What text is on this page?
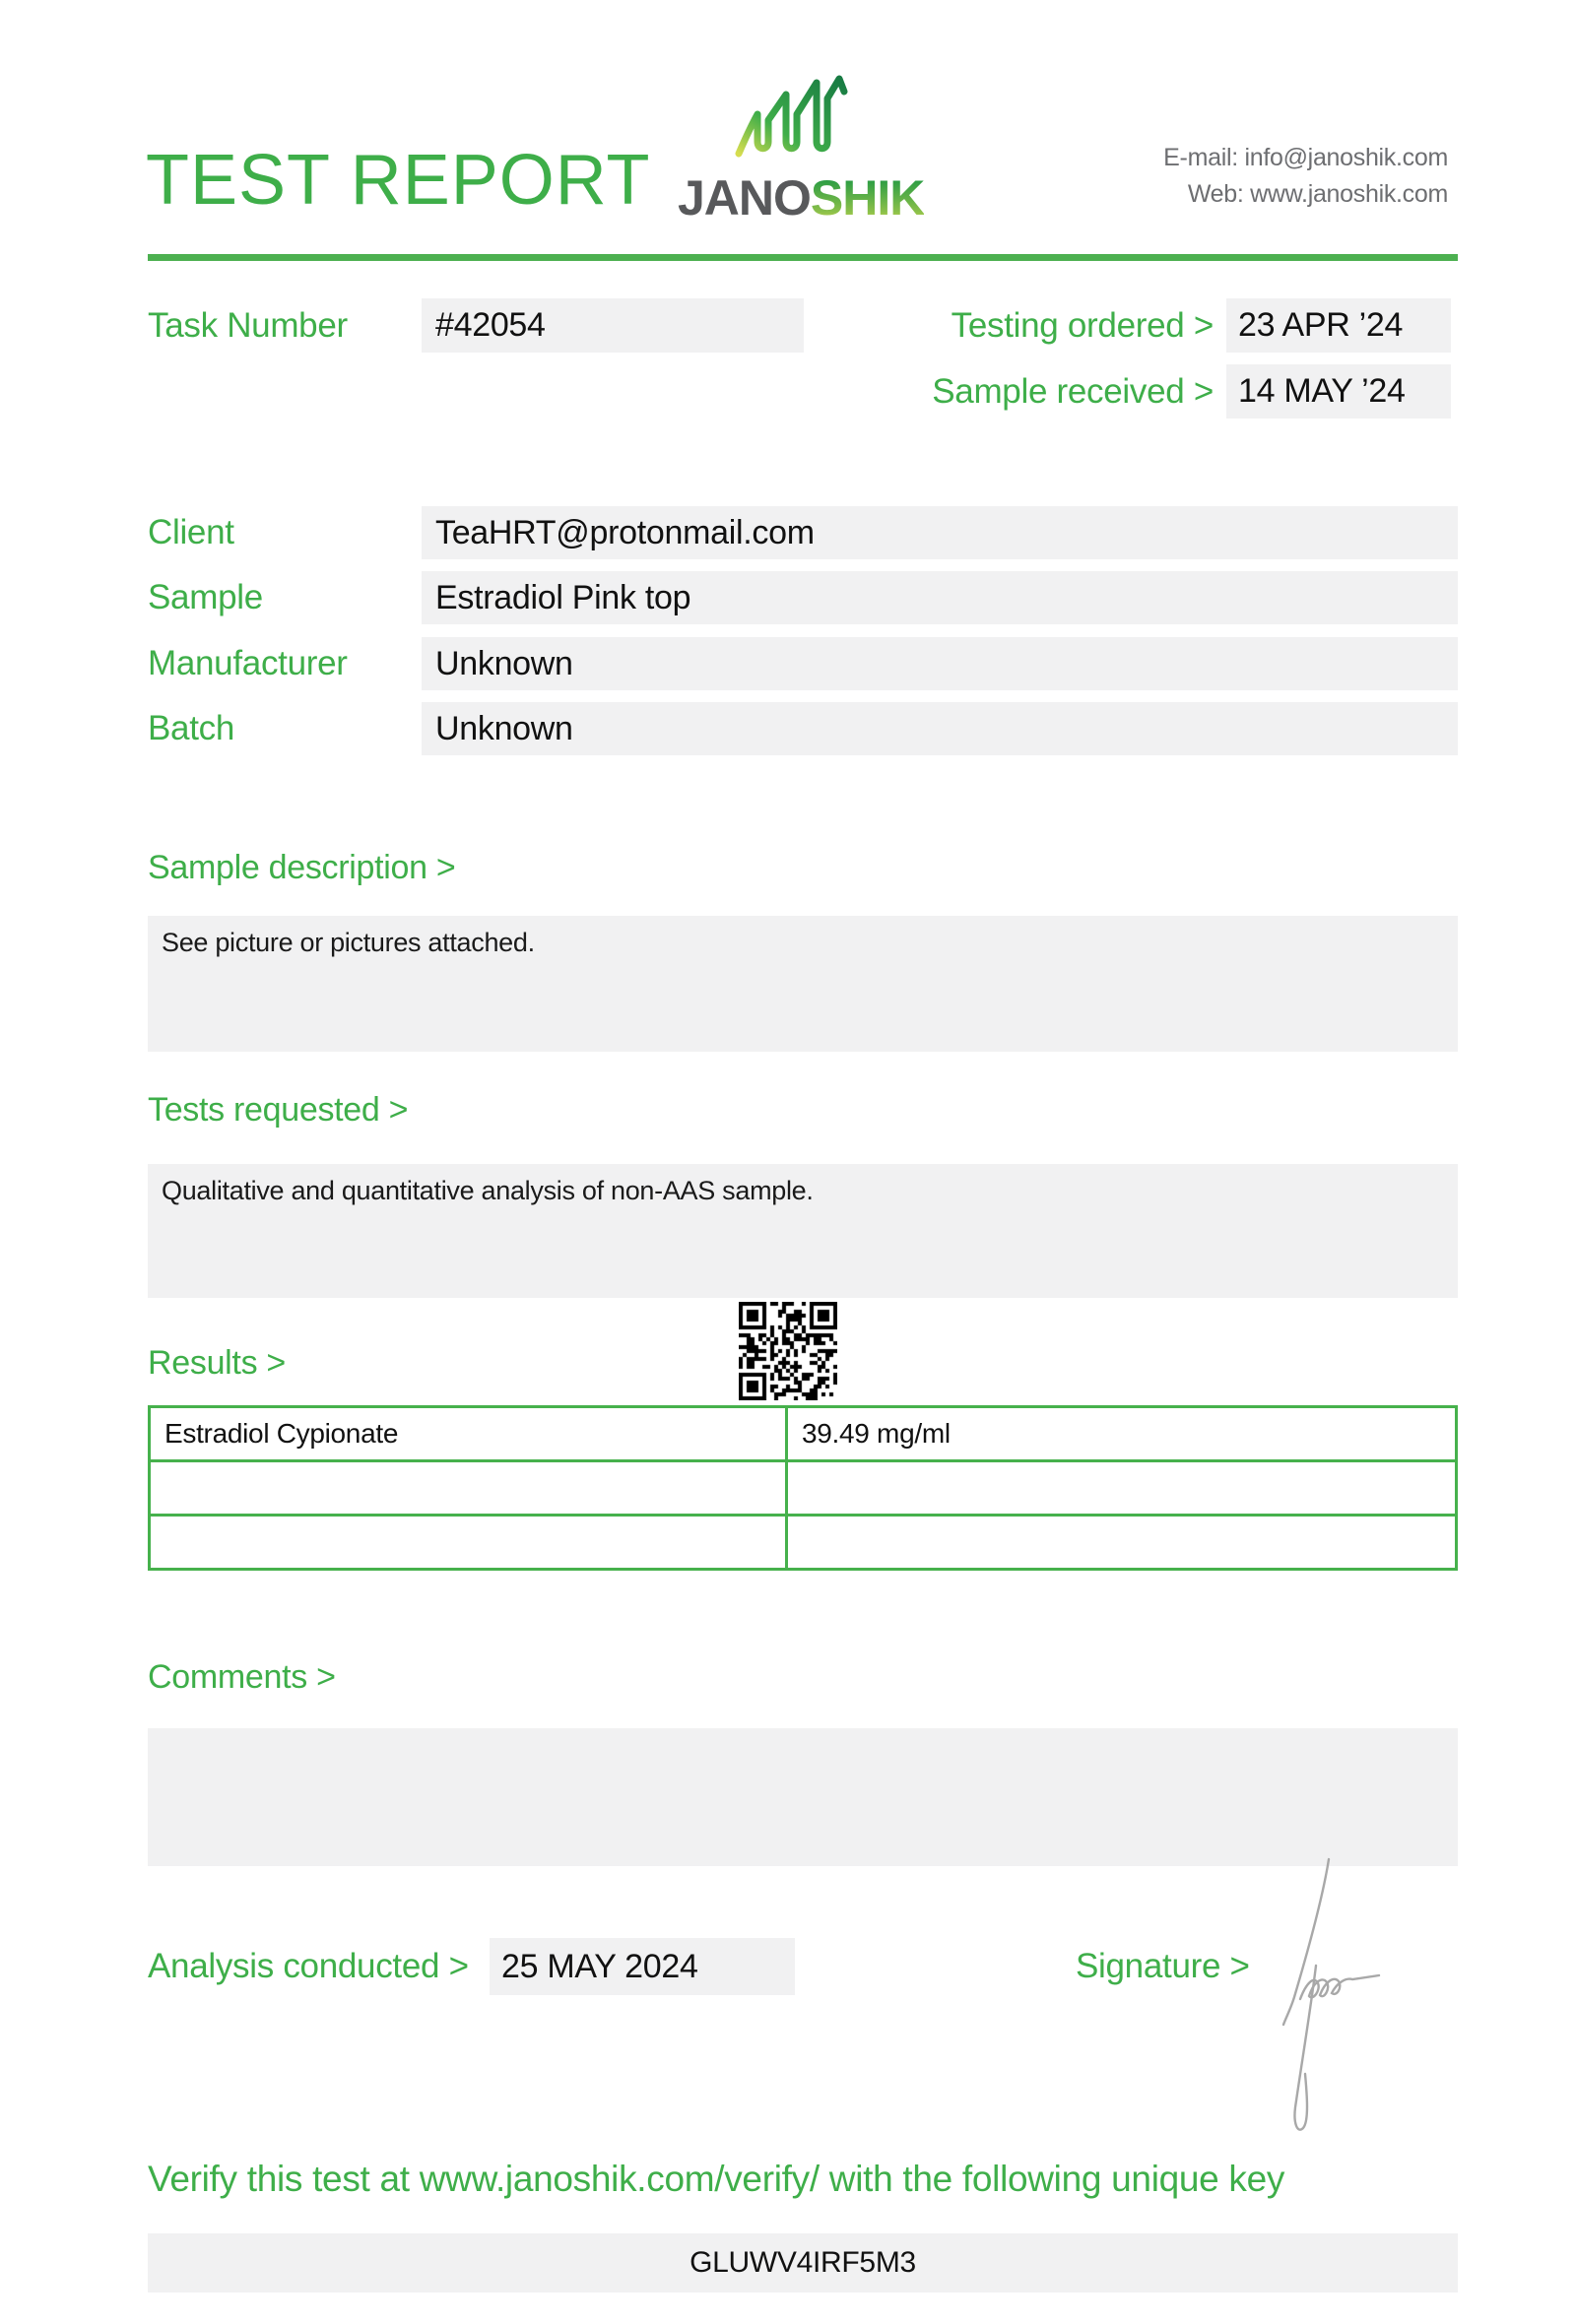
TEST REPORT JANOSHIK
E-mail: info@janoshik.com
Web: www.janoshik.com
Task Number	#42054	Testing ordered > 23 APR ’24
Sample received > 14 MAY ’24
Client	TeaHRT@protonmail.com
Sample	Estradiol Pink top
Manufacturer	Unknown
Batch	Unknown
Sample description >
See picture or pictures attached.
Tests requested >
Qualitative and quantitative analysis of non-AAS sample.
Results >
Estradiol Cypionate	39.49 mg/ml

Comments >
Analysis conducted > 25 MAY 2024	Signature >
Verify this test at www.janoshik.com/verify/ with the following unique key
GLUWV4IRF5M3
